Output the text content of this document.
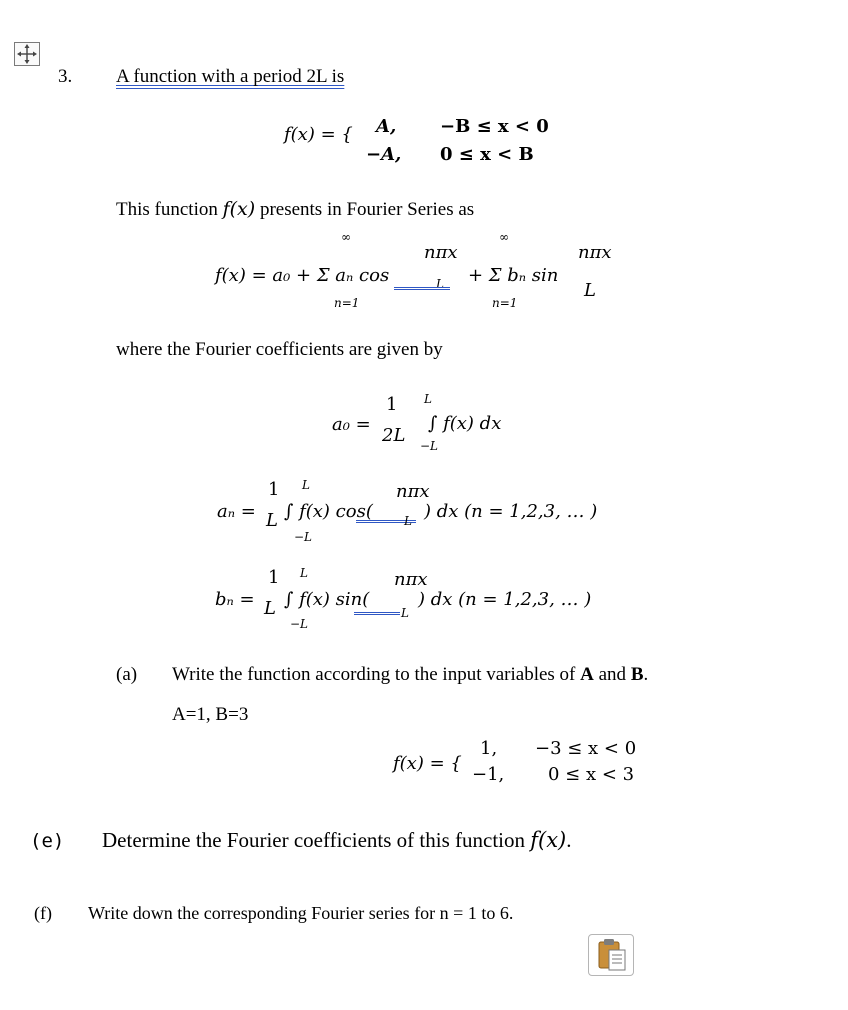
3. A function with a period 2L is
f(x) = { A, −B ≤ x < 0
−A, 0 ≤ x < B
This function f(x) presents in Fourier Series as
∞
nπx
∞
nπx
f(x) = a₀ + Σ aₙ cos	L + Σ bₙ sin
L
n=1	n=1
where the Fourier coefficients are given by
L
1
a₀ =	∫ f(x) dx
2L −L
L
1	nπx
aₙ = ∫ f(x) cos(	) dx (n = 1,2,3, … )
L
L
−L
L
1	nπx
bₙ = ∫ f(x) sin(	) dx (n = 1,2,3, … )
L
L
−L
(a) Write the function according to the input variables of A and B.
A=1, B=3
f(x) = {
1, −3 ≤ x < 0
−1, 0 ≤ x < 3
(e) Determine the Fourier coefficients of this function f(x).
(f) Write down the corresponding Fourier series for n = 1 to 6.
